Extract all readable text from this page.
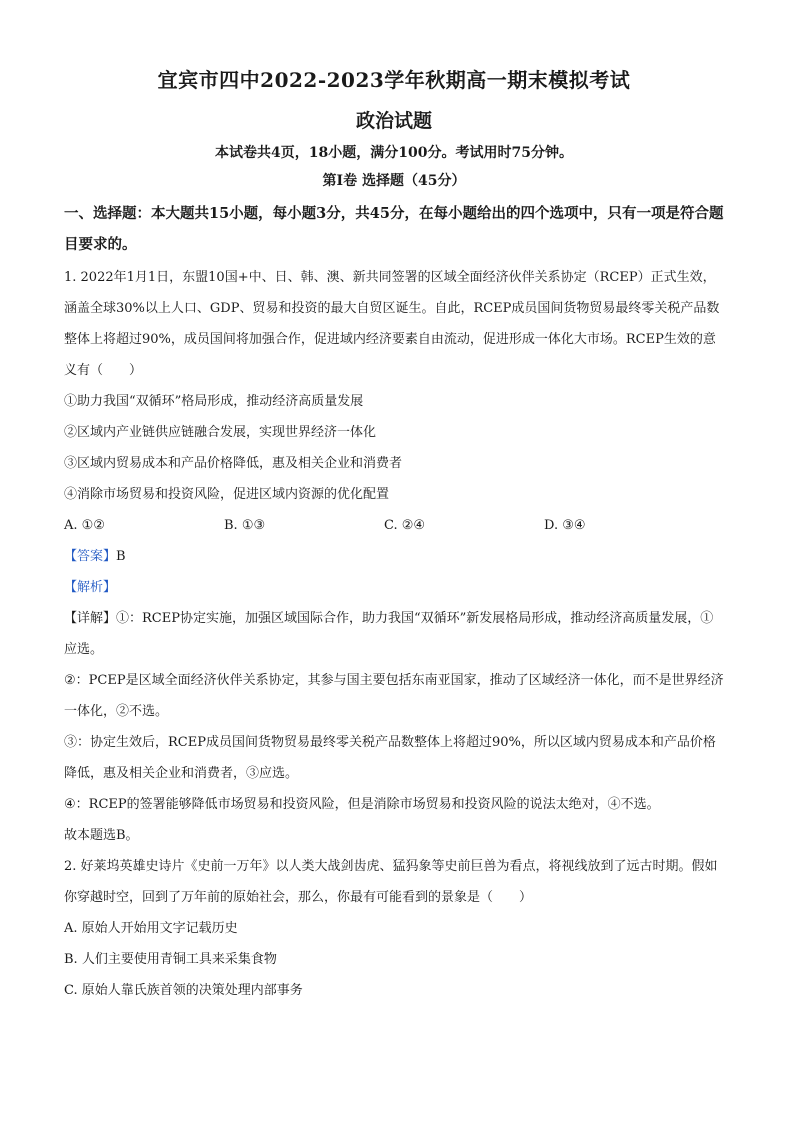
宜宾市四中2022-2023学年秋期高一期末模拟考试
政治试题
本试卷共4页，18小题，满分100分。考试用时75分钟。
第Ⅰ卷 选择题（45分）
一、选择题：本大题共15小题，每小题3分，共45分，在每小题给出的四个选项中，只有一项是符合题目要求的。

1. 2022年1月1日，东盟10国+中、日、韩、澳、新共同签署的区域全面经济伙伴关系协定（RCEP）正式生效，涵盖全球30%以上人口、GDP、贸易和投资的最大自贸区诞生。自此，RCEP成员国间货物贸易最终零关税产品数整体上将超过90%，成员国间将加强合作，促进域内经济要素自由流动，促进形成一体化大市场。RCEP生效的意义有（　　）

①助力我国“双循环”格局形成，推动经济高质量发展

②区域内产业链供应链融合发展，实现世界经济一体化

③区域内贸易成本和产品价格降低，惠及相关企业和消费者

④消除市场贸易和投资风险，促进区域内资源的优化配置

A. ①②	B. ①③	C. ②④	D. ③④

【答案】B

【解析】

【详解】①：RCEP协定实施，加强区域国际合作，助力我国“双循环”新发展格局形成，推动经济高质量发展，①应选。

②：PCEP是区域全面经济伙伴关系协定，其参与国主要包括东南亚国家，推动了区域经济一体化，而不是世界经济一体化，②不选。

③：协定生效后，RCEP成员国间货物贸易最终零关税产品数整体上将超过90%，所以区域内贸易成本和产品价格降低，惠及相关企业和消费者，③应选。

④：RCEP的签署能够降低市场贸易和投资风险，但是消除市场贸易和投资风险的说法太绝对，④不选。

故本题选B。

2. 好莱坞英雄史诗片《史前一万年》以人类大战剑齿虎、猛犸象等史前巨兽为看点，将视线放到了远古时期。假如你穿越时空，回到了万年前的原始社会，那么，你最有可能看到的景象是（　　）

A. 原始人开始用文字记载历史

B. 人们主要使用青铜工具来采集食物

C. 原始人靠氏族首领的决策处理内部事务
